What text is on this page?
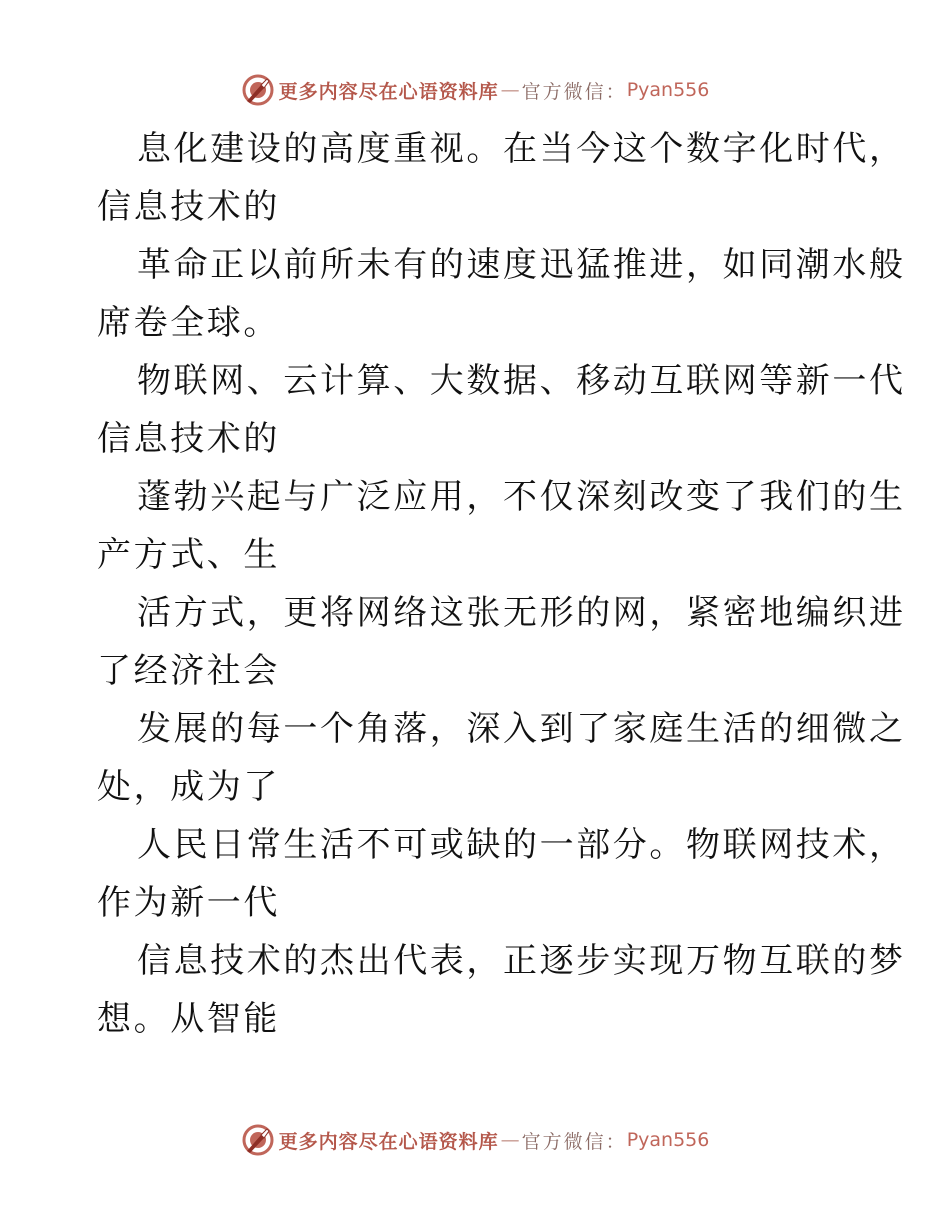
更多内容尽在心语资料库 — 官方微信： Pyan556
息化建设的高度重视。在当今这个数字化时代，
信息技术的
革命正以前所未有的速度迅猛推进，如同潮水般
席卷全球。
物联网、云计算、大数据、移动互联网等新一代
信息技术的
蓬勃兴起与广泛应用，不仅深刻改变了我们的生
产方式、生
活方式，更将网络这张无形的网，紧密地编织进
了经济社会
发展的每一个角落，深入到了家庭生活的细微之
处，成为了
人民日常生活不可或缺的一部分。物联网技术，
作为新一代
信息技术的杰出代表，正逐步实现万物互联的梦
想。从智能
更多内容尽在心语资料库 — 官方微信： Pyan556
